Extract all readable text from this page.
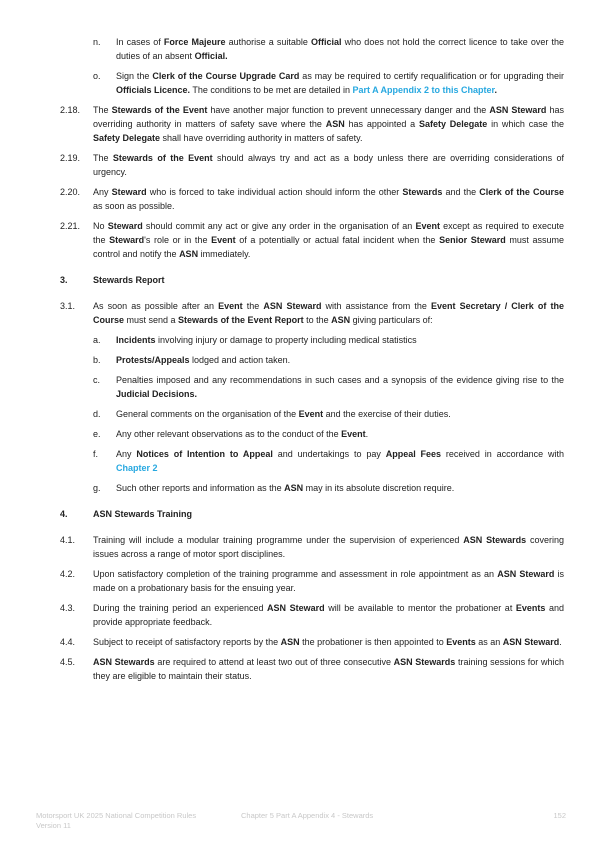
n. In cases of Force Majeure authorise a suitable Official who does not hold the correct licence to take over the duties of an absent Official.
o. Sign the Clerk of the Course Upgrade Card as may be required to certify requalification or for upgrading their Officials Licence. The conditions to be met are detailed in Part A Appendix 2 to this Chapter.
2.18. The Stewards of the Event have another major function to prevent unnecessary danger and the ASN Steward has overriding authority in matters of safety save where the ASN has appointed a Safety Delegate in which case the Safety Delegate shall have overriding authority in matters of safety.
2.19. The Stewards of the Event should always try and act as a body unless there are overriding considerations of urgency.
2.20. Any Steward who is forced to take individual action should inform the other Stewards and the Clerk of the Course as soon as possible.
2.21. No Steward should commit any act or give any order in the organisation of an Event except as required to execute the Steward's role or in the Event of a potentially or actual fatal incident when the Senior Steward must assume control and notify the ASN immediately.
3.	Stewards Report
3.1. As soon as possible after an Event the ASN Steward with assistance from the Event Secretary / Clerk of the Course must send a Stewards of the Event Report to the ASN giving particulars of:
a. Incidents involving injury or damage to property including medical statistics
b. Protests/Appeals lodged and action taken.
c. Penalties imposed and any recommendations in such cases and a synopsis of the evidence giving rise to the Judicial Decisions.
d. General comments on the organisation of the Event and the exercise of their duties.
e. Any other relevant observations as to the conduct of the Event.
f. Any Notices of Intention to Appeal and undertakings to pay Appeal Fees received in accordance with Chapter 2
g. Such other reports and information as the ASN may in its absolute discretion require.
4.	ASN Stewards Training
4.1. Training will include a modular training programme under the supervision of experienced ASN Stewards covering issues across a range of motor sport disciplines.
4.2. Upon satisfactory completion of the training programme and assessment in role appointment as an ASN Steward is made on a probationary basis for the ensuing year.
4.3. During the training period an experienced ASN Steward will be available to mentor the probationer at Events and provide appropriate feedback.
4.4. Subject to receipt of satisfactory reports by the ASN the probationer is then appointed to Events as an ASN Steward.
4.5. ASN Stewards are required to attend at least two out of three consecutive ASN Stewards training sessions for which they are eligible to maintain their status.
Motorsport UK 2025 National Competition Rules
Version 11
Chapter 5 Part A Appendix 4 - Stewards	152
